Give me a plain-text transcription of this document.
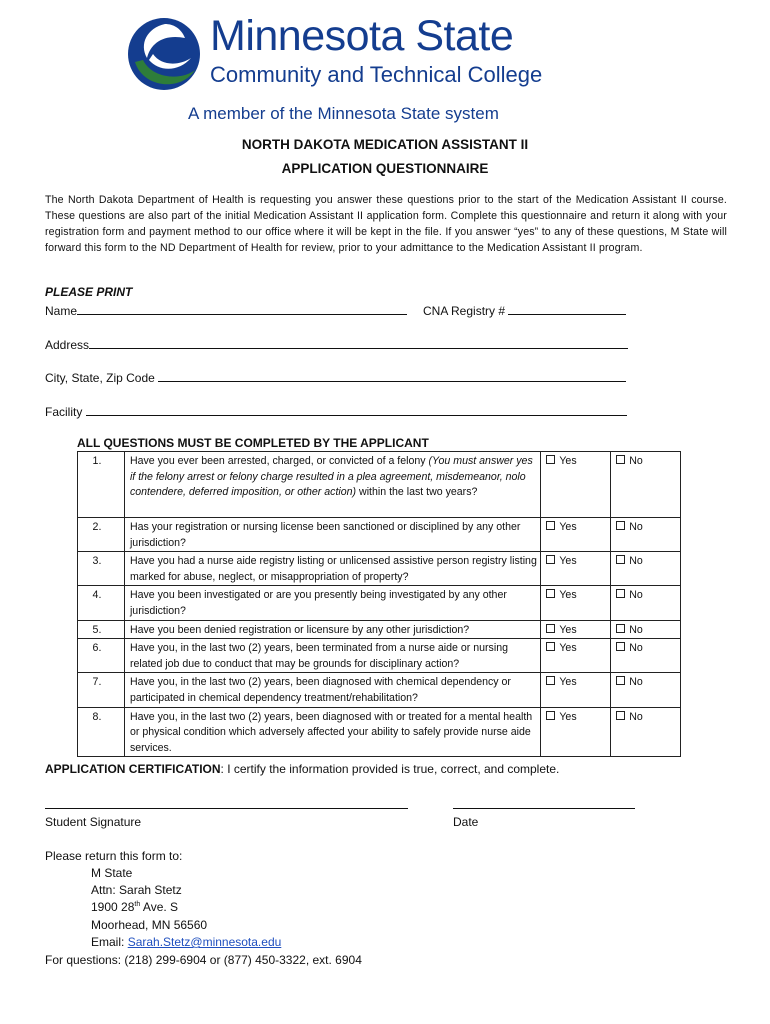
Minnesota State
Community and Technical College
A member of the Minnesota State system
NORTH DAKOTA MEDICATION ASSISTANT II
APPLICATION QUESTIONNAIRE
The North Dakota Department of Health is requesting you answer these questions prior to the start of the Medication Assistant II course. These questions are also part of the initial Medication Assistant II application form. Complete this questionnaire and return it along with your registration form and payment method to our office where it will be kept in the file. If you answer “yes” to any of these questions, M State will forward this form to the ND Department of Health for review, prior to your admittance to the Medication Assistant II program.
PLEASE PRINT
Name	CNA Registry #
Address
City, State, Zip Code
Facility
ALL QUESTIONS MUST BE COMPLETED BY THE APPLICANT
1.	Have you ever been arrested, charged, or convicted of a felony (You must answer yes if the felony arrest or felony charge resulted in a plea agreement, misdemeanor, nolo contendere, deferred imposition, or other action) within the last two years?	Yes	No
2.	Has your registration or nursing license been sanctioned or disciplined by any other jurisdiction?	Yes	No
3.	Have you had a nurse aide registry listing or unlicensed assistive person registry listing marked for abuse, neglect, or misappropriation of property?	Yes	No
4.	Have you been investigated or are you presently being investigated by any other jurisdiction?	Yes	No
5.	Have you been denied registration or licensure by any other jurisdiction?	Yes	No
6.	Have you, in the last two (2) years, been terminated from a nurse aide or nursing related job due to conduct that may be grounds for disciplinary action?	Yes	No
7.	Have you, in the last two (2) years, been diagnosed with chemical dependency or participated in chemical dependency treatment/rehabilitation?	Yes	No
8.	Have you, in the last two (2) years, been diagnosed with or treated for a mental health or physical condition which adversely affected your ability to safely provide nurse aide services.	Yes	No
APPLICATION CERTIFICATION: I certify the information provided is true, correct, and complete.
Student Signature	Date
Please return this form to:
M State
Attn: Sarah Stetz
1900 28th Ave. S
Moorhead, MN 56560
Email: Sarah.Stetz@minnesota.edu
For questions: (218) 299-6904 or (877) 450-3322, ext. 6904
